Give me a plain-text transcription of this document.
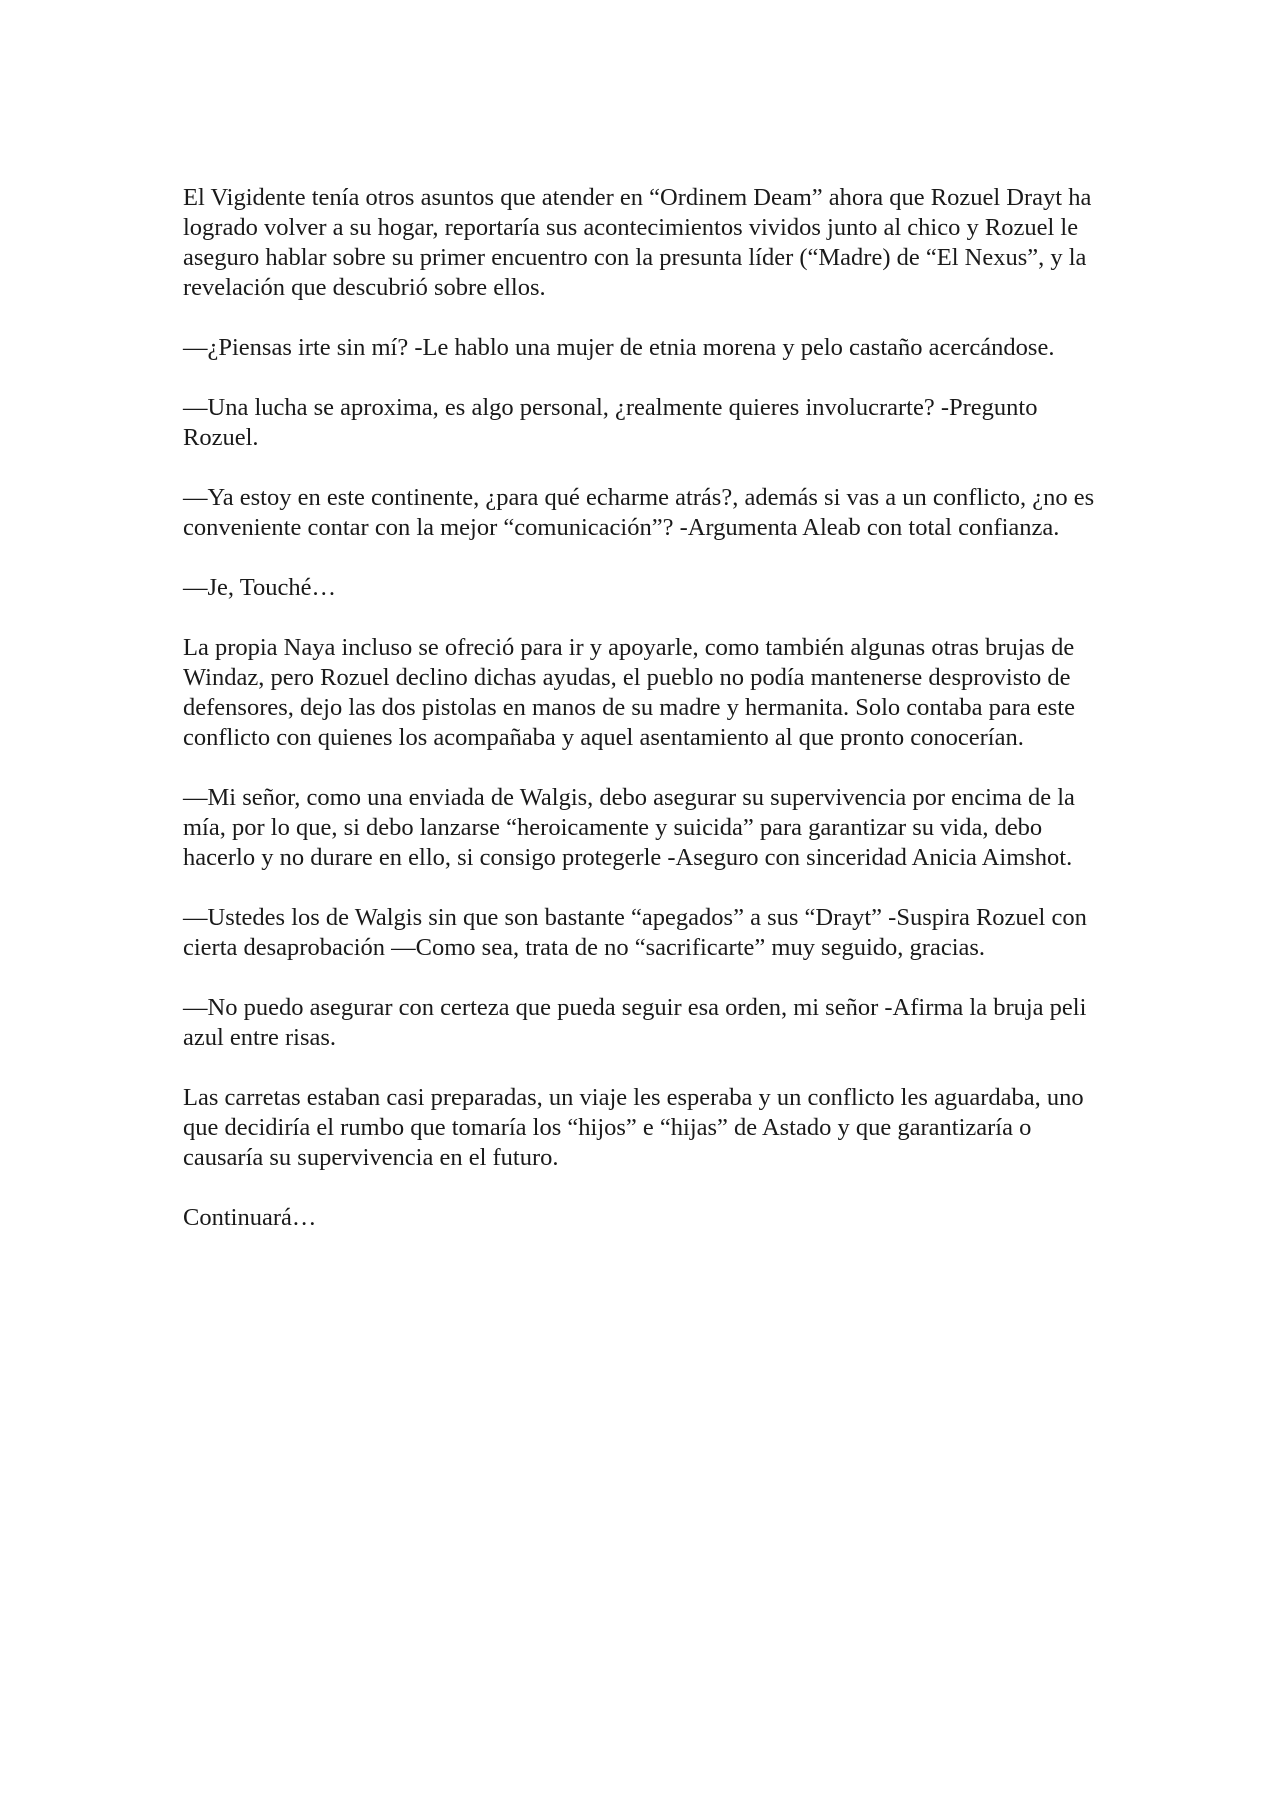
El Vigidente tenía otros asuntos que atender en “Ordinem Deam” ahora que Rozuel Drayt ha logrado volver a su hogar, reportaría sus acontecimientos vividos junto al chico y Rozuel le aseguro hablar sobre su primer encuentro con la presunta líder (“Madre) de “El Nexus”, y la revelación que descubrió sobre ellos.

—¿Piensas irte sin mí? -Le hablo una mujer de etnia morena y pelo castaño acercándose.

—Una lucha se aproxima, es algo personal, ¿realmente quieres involucrarte? -Pregunto Rozuel.

—Ya estoy en este continente, ¿para qué echarme atrás?, además si vas a un conflicto, ¿no es conveniente contar con la mejor “comunicación”? -Argumenta Aleab con total confianza.

—Je, Touché…

La propia Naya incluso se ofreció para ir y apoyarle, como también algunas otras brujas de Windaz, pero Rozuel declino dichas ayudas, el pueblo no podía mantenerse desprovisto de defensores, dejo las dos pistolas en manos de su madre y hermanita. Solo contaba para este conflicto con quienes los acompañaba y aquel asentamiento al que pronto conocerían.

—Mi señor, como una enviada de Walgis, debo asegurar su supervivencia por encima de la mía, por lo que, si debo lanzarse “heroicamente y suicida” para garantizar su vida, debo hacerlo y no durare en ello, si consigo protegerle -Aseguro con sinceridad Anicia Aimshot.

—Ustedes los de Walgis sin que son bastante “apegados” a sus “Drayt” -Suspira Rozuel con cierta desaprobación —Como sea, trata de no “sacrificarte” muy seguido, gracias.

—No puedo asegurar con certeza que pueda seguir esa orden, mi señor -Afirma la bruja peli azul entre risas.

Las carretas estaban casi preparadas, un viaje les esperaba y un conflicto les aguardaba, uno que decidiría el rumbo que tomaría los “hijos” e “hijas” de Astado y que garantizaría o causaría su supervivencia en el futuro.

Continuará…
